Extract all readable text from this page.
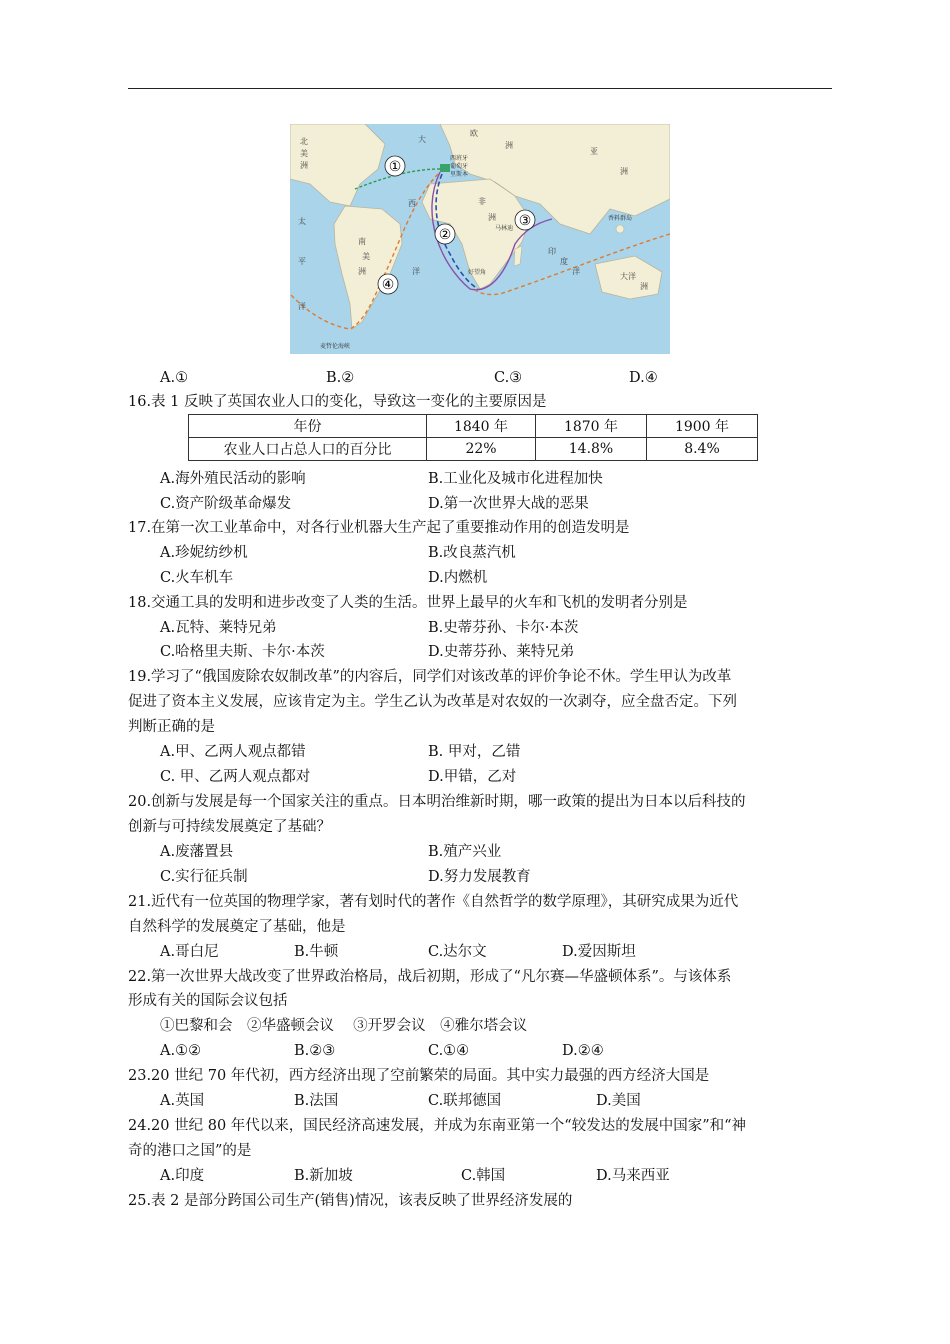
①
②
③
④
西班牙
葡萄牙
里斯本
马林迪
好望角
香料群岛
麦哲伦海峡
欧
洲
非
洲
亚
洲
北
美
洲
南
美
洲
大
西
洋
太
平
洋
印
度
洋
大洋
洲
A.①	B.②	C.③	D.④
16.表 1 反映了英国农业人口的变化，导致这一变化的主要原因是
年份	1840 年	1870 年	1900 年
农业人口占总人口的百分比	22%	14.8%	8.4%
A.海外殖民活动的影响	B.工业化及城市化进程加快
C.资产阶级革命爆发	D.第一次世界大战的恶果
17.在第一次工业革命中，对各行业机器大生产起了重要推动作用的创造发明是
A.珍妮纺纱机	B.改良蒸汽机
C.火车机车	D.内燃机
18.交通工具的发明和进步改变了人类的生活。世界上最早的火车和飞机的发明者分别是
A.瓦特、莱特兄弟	B.史蒂芬孙、卡尔·本茨
C.哈格里夫斯、卡尔·本茨	D.史蒂芬孙、莱特兄弟
19.学习了“俄国废除农奴制改革”的内容后，同学们对该改革的评价争论不休。学生甲认为改革
促进了资本主义发展，应该肯定为主。学生乙认为改革是对农奴的一次剥夺，应全盘否定。下列
判断正确的是
A.甲、乙两人观点都错	B. 甲对，乙错
C. 甲、乙两人观点都对	D.甲错，乙对
20.创新与发展是每一个国家关注的重点。日本明治维新时期，哪一政策的提出为日本以后科技的
创新与可持续发展奠定了基础？
A.废藩置县	B.殖产兴业
C.实行征兵制	D.努力发展教育
21.近代有一位英国的物理学家，著有划时代的著作《自然哲学的数学原理》，其研究成果为近代
自然科学的发展奠定了基础，他是
A.哥白尼	B.牛顿	C.达尔文	D.爱因斯坦
22.第一次世界大战改变了世界政治格局，战后初期，形成了“凡尔赛—华盛顿体系”。与该体系
形成有关的国际会议包括
①巴黎和会　②华盛顿会议　 ③开罗会议　④雅尔塔会议
A.①②	B.②③	C.①④	D.②④
23.20 世纪 70 年代初，西方经济出现了空前繁荣的局面。其中实力最强的西方经济大国是
A.英国	B.法国	C.联邦德国	D.美国
24.20 世纪 80 年代以来，国民经济高速发展，并成为东南亚第一个“较发达的发展中国家”和“神
奇的港口之国”的是
A.印度	B.新加坡	C.韩国	D.马来西亚
25.表 2 是部分跨国公司生产(销售)情况，该表反映了世界经济发展的
